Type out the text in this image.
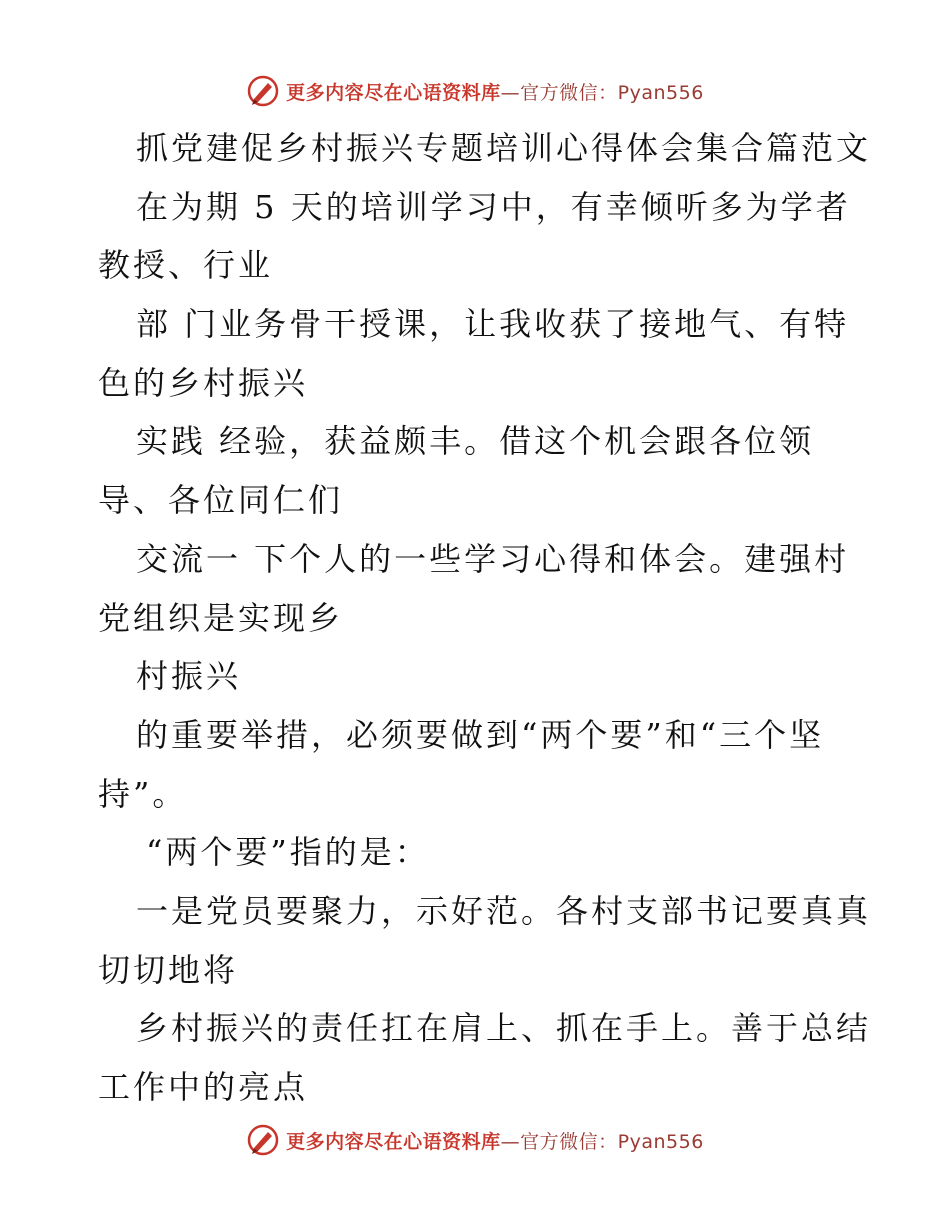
更多内容尽在心语资料库—官方微信：Pyan556
抓党建促乡村振兴专题培训心得体会集合篇范文
在为期 5 天的培训学习中，有幸倾听多为学者
教授、行业
部 门业务骨干授课，让我收获了接地气、有特
色的乡村振兴
实践 经验，获益颇丰。借这个机会跟各位领
导、各位同仁们
交流一 下个人的一些学习心得和体会。建强村
党组织是实现乡
村振兴
的重要举措，必须要做到“两个要”和“三个坚
持”。
“两个要”指的是：
一是党员要聚力，示好范。各村支部书记要真真
切切地将
乡村振兴的责任扛在肩上、抓在手上。善于总结
工作中的亮点
更多内容尽在心语资料库—官方微信：Pyan556
